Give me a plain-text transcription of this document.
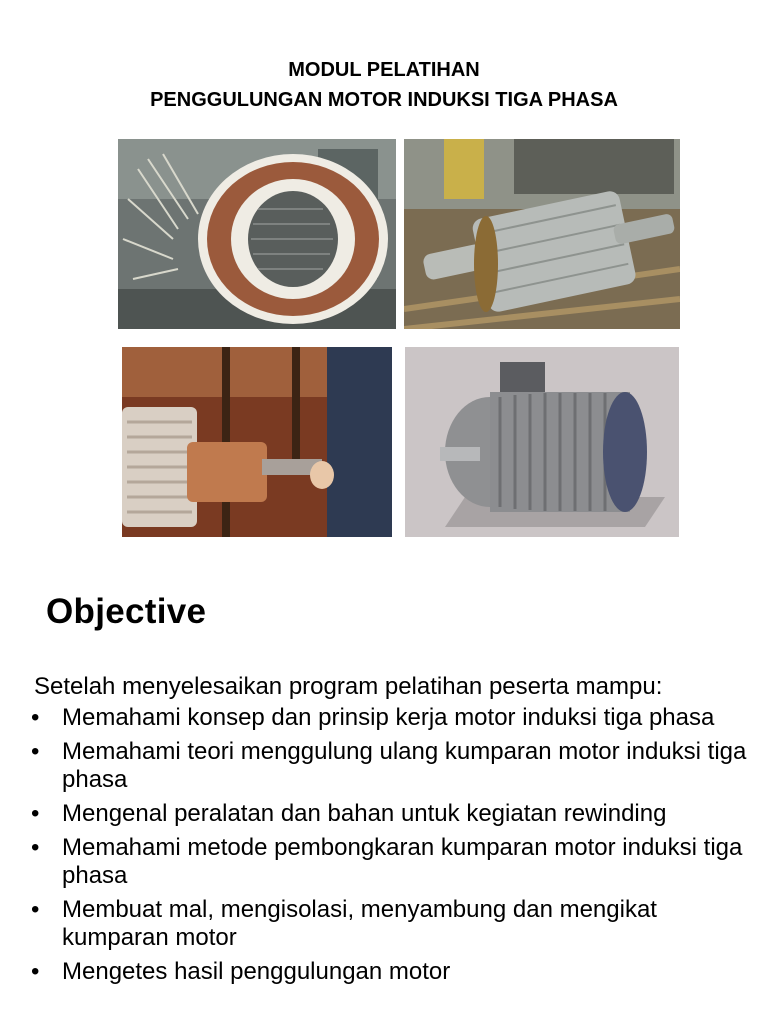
MODUL PELATIHAN
PENGGULUNGAN MOTOR INDUKSI TIGA PHASA
Objective
Setelah menyelesaikan program pelatihan peserta mampu:
• Memahami konsep dan prinsip kerja motor induksi tiga phasa
• Memahami teori menggulung ulang kumparan motor induksi tiga phasa
• Mengenal peralatan dan bahan untuk kegiatan rewinding
• Memahami metode pembongkaran kumparan motor induksi tiga phasa
• Membuat mal, mengisolasi, menyambung dan mengikat kumparan motor
• Mengetes hasil penggulungan motor
